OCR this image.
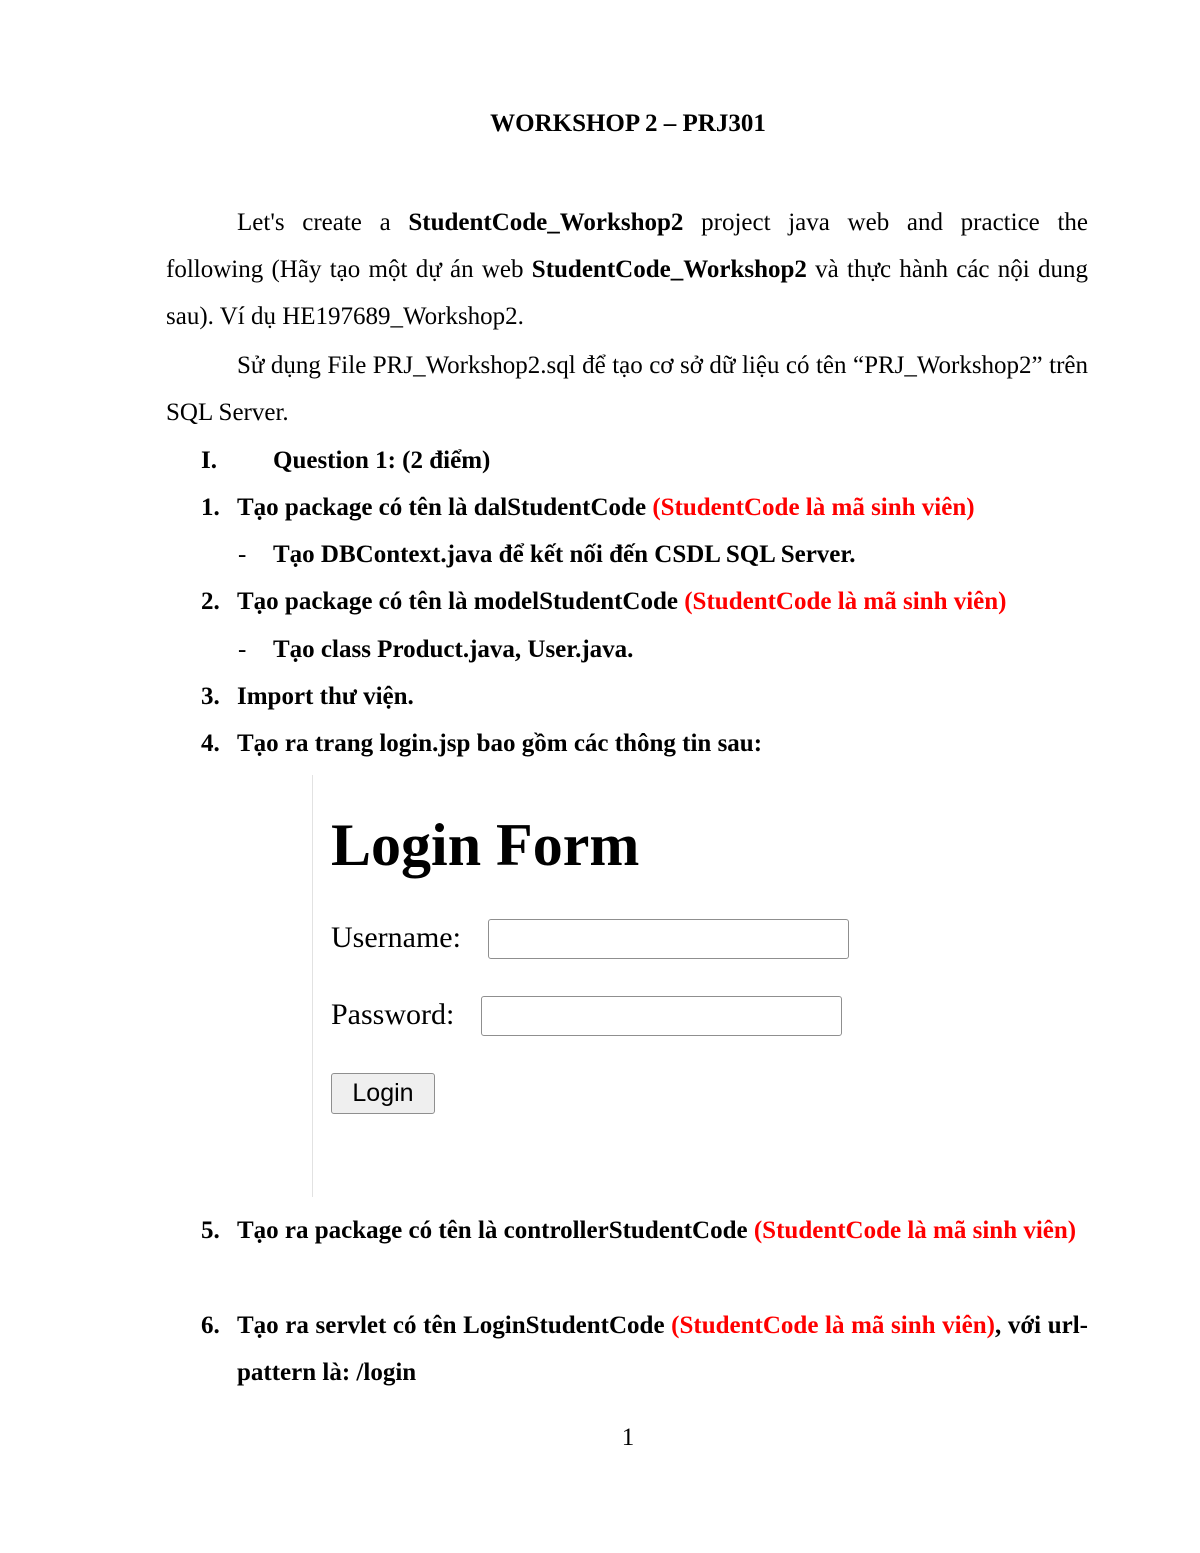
WORKSHOP 2 – PRJ301

Let's create a StudentCode_Workshop2 project java web and practice the following (Hãy tạo một dự án web StudentCode_Workshop2 và thực hành các nội dung sau). Ví dụ HE197689_Workshop2.

Sử dụng File PRJ_Workshop2.sql để tạo cơ sở dữ liệu có tên “PRJ_Workshop2” trên SQL Server.

I. Question 1: (2 điểm)
1. Tạo package có tên là dalStudentCode (StudentCode là mã sinh viên)
- Tạo DBContext.java để kết nối đến CSDL SQL Server.
2. Tạo package có tên là modelStudentCode (StudentCode là mã sinh viên)
- Tạo class Product.java, User.java.
3. Import thư viện.
4. Tạo ra trang login.jsp bao gồm các thông tin sau:
Login Form
Username:
Password:
Login
5. Tạo ra package có tên là controllerStudentCode (StudentCode là mã sinh viên)
6. Tạo ra servlet có tên LoginStudentCode (StudentCode là mã sinh viên), với url-pattern là: /login
1
